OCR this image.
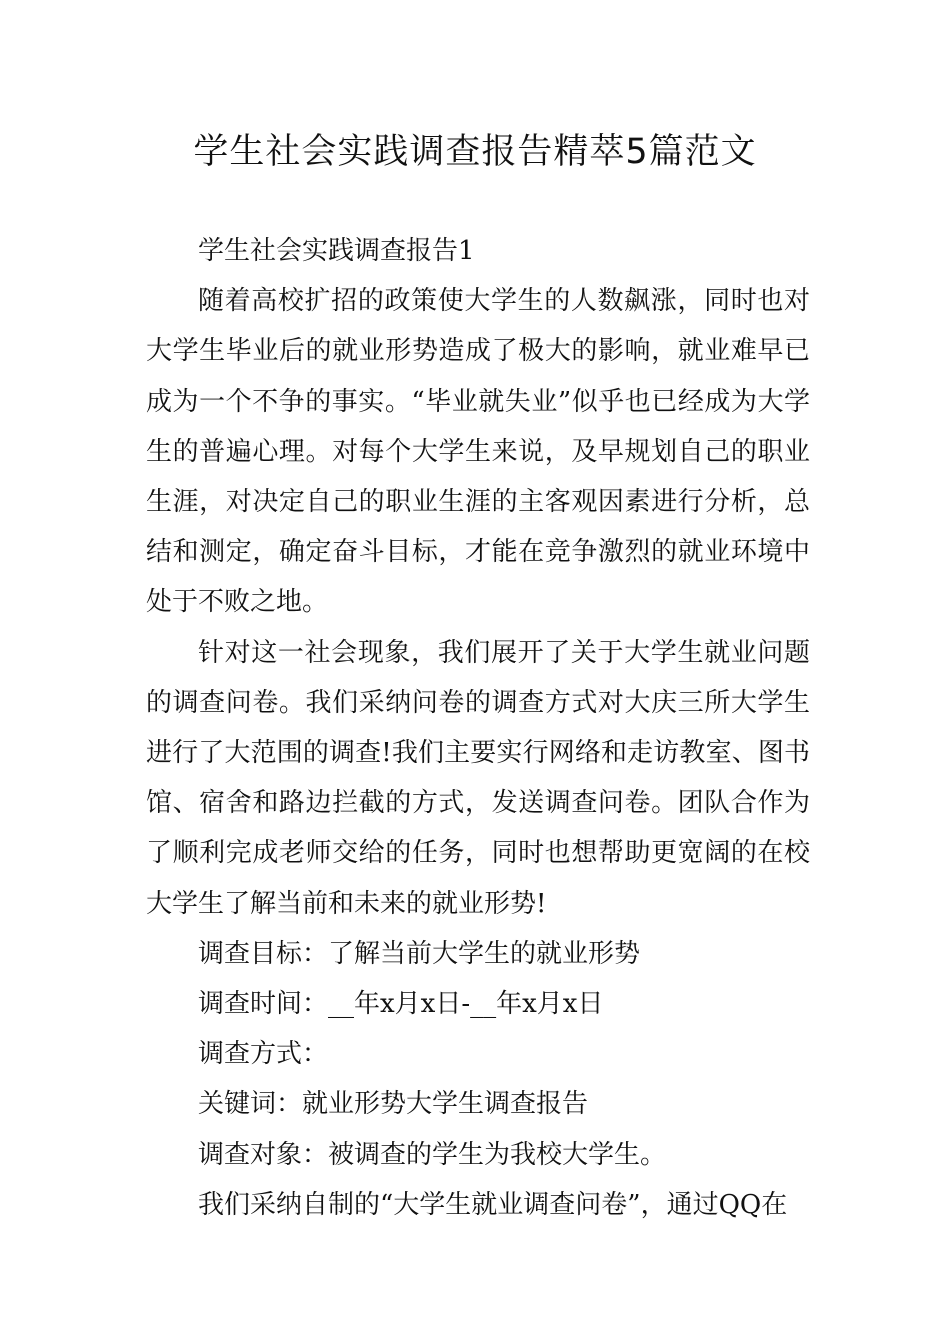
学生社会实践调查报告精萃5篇范文

学生社会实践调查报告1

随着高校扩招的政策使大学生的人数飙涨，同时也对大学生毕业后的就业形势造成了极大的影响，就业难早已成为一个不争的事实。“毕业就失业”似乎也已经成为大学生的普遍心理。对每个大学生来说，及早规划自己的职业生涯，对决定自己的职业生涯的主客观因素进行分析，总结和测定，确定奋斗目标，才能在竞争激烈的就业环境中处于不败之地。

针对这一社会现象，我们展开了关于大学生就业问题的调查问卷。我们采纳问卷的调查方式对大庆三所大学生进行了大范围的调查!我们主要实行网络和走访教室、图书馆、宿舍和路边拦截的方式，发送调查问卷。团队合作为了顺利完成老师交给的任务，同时也想帮助更宽阔的在校大学生了解当前和未来的就业形势!

调查目标：了解当前大学生的就业形势

调查时间：__年x月x日-__年x月x日

调查方式：

关键词：就业形势大学生调查报告

调查对象：被调查的学生为我校大学生。

我们采纳自制的“大学生就业调查问卷”，通过QQ在
